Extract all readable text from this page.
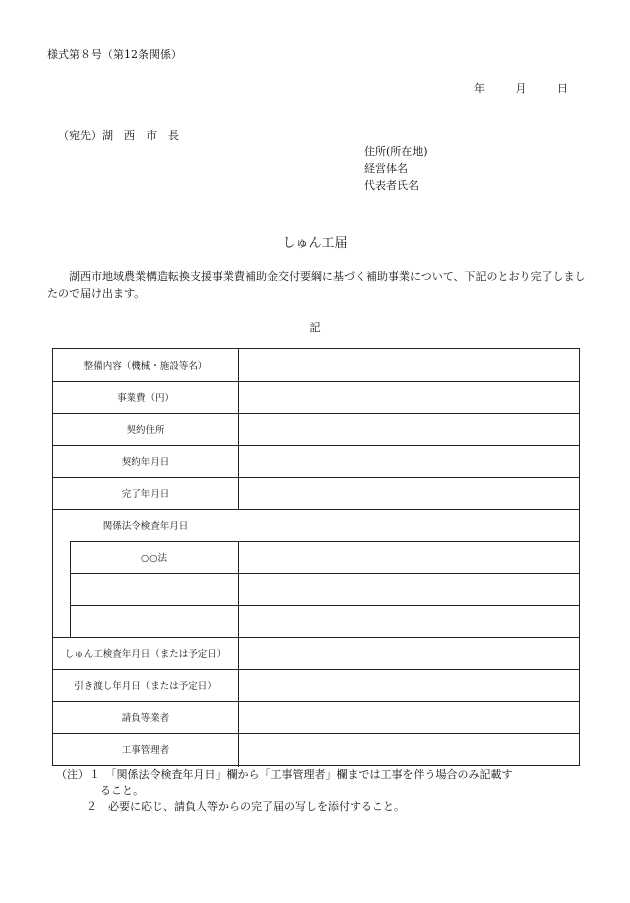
様式第８号（第12条関係）
年	月	日
（宛先）湖　西　市　長
住所(所在地)
経営体名
代表者氏名
しゅん工届
湖西市地域農業構造転換支援事業費補助金交付要綱に基づく補助事業について、下記のとおり完了しましたので届け出ます。
記
整備内容（機械・施設等名）
事業費（円）
契約住所
契約年月日
完了年月日
関係法令検査年月日
○○法
しゅん工検査年月日（または予定日）
引き渡し年月日（または予定日）
請負等業者
工事管理者
（注）１　「関係法令検査年月日」欄から「工事管理者」欄までは工事を伴う場合のみ記載す
ること。
２　必要に応じ、請負人等からの完了届の写しを添付すること。
